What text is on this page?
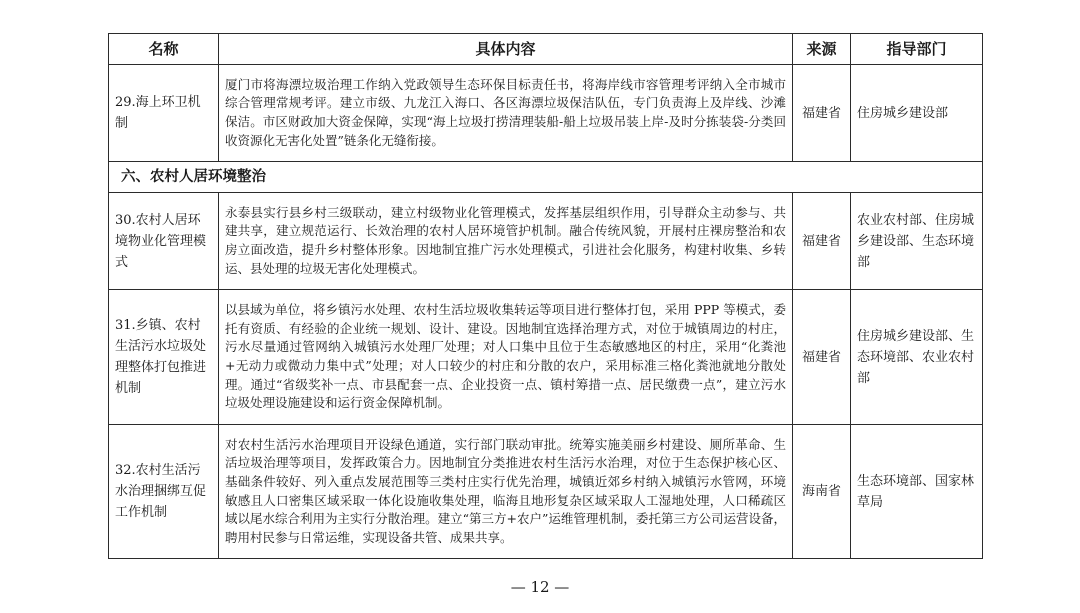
名称	具体内容	来源	指导部门
29.海上环卫机制	厦门市将海漂垃圾治理工作纳入党政领导生态环保目标责任书，将海岸线市容管理考评纳入全市城市综合管理常规考评。建立市级、九龙江入海口、各区海漂垃圾保洁队伍，专门负责海上及岸线、沙滩保洁。市区财政加大资金保障，实现“海上垃圾打捞清理装船-船上垃圾吊装上岸-及时分拣装袋-分类回收资源化无害化处置”链条化无缝衔接。	福建省	住房城乡建设部
六、农村人居环境整治			
30.农村人居环境物业化管理模式	永泰县实行县乡村三级联动，建立村级物业化管理模式，发挥基层组织作用，引导群众主动参与、共建共享，建立规范运行、长效治理的农村人居环境管护机制。融合传统风貌，开展村庄裸房整治和农房立面改造，提升乡村整体形象。因地制宜推广污水处理模式，引进社会化服务，构建村收集、乡转运、县处理的垃圾无害化处理模式。	福建省	农业农村部、住房城乡建设部、生态环境部
31.乡镇、农村生活污水垃圾处理整体打包推进机制	以县域为单位，将乡镇污水处理、农村生活垃圾收集转运等项目进行整体打包，采用 PPP 等模式，委托有资质、有经验的企业统一规划、设计、建设。因地制宜选择治理方式，对位于城镇周边的村庄，污水尽量通过管网纳入城镇污水处理厂处理；对人口集中且位于生态敏感地区的村庄，采用“化粪池+无动力或微动力集中式”处理；对人口较少的村庄和分散的农户，采用标准三格化粪池就地分散处理。通过“省级奖补一点、市县配套一点、企业投资一点、镇村筹措一点、居民缴费一点”，建立污水垃圾处理设施建设和运行资金保障机制。	福建省	住房城乡建设部、生态环境部、农业农村部
32.农村生活污水治理捆绑互促工作机制	对农村生活污水治理项目开设绿色通道，实行部门联动审批。统筹实施美丽乡村建设、厕所革命、生活垃圾治理等项目，发挥政策合力。因地制宜分类推进农村生活污水治理，对位于生态保护核心区、基础条件较好、列入重点发展范围等三类村庄实行优先治理，城镇近郊乡村纳入城镇污水管网，环境敏感且人口密集区域采取一体化设施收集处理，临海且地形复杂区域采取人工湿地处理，人口稀疏区域以尾水综合利用为主实行分散治理。建立“第三方+农户”运维管理机制，委托第三方公司运营设备，聘用村民参与日常运维，实现设备共管、成果共享。	海南省	生态环境部、国家林草局
— 12 —
